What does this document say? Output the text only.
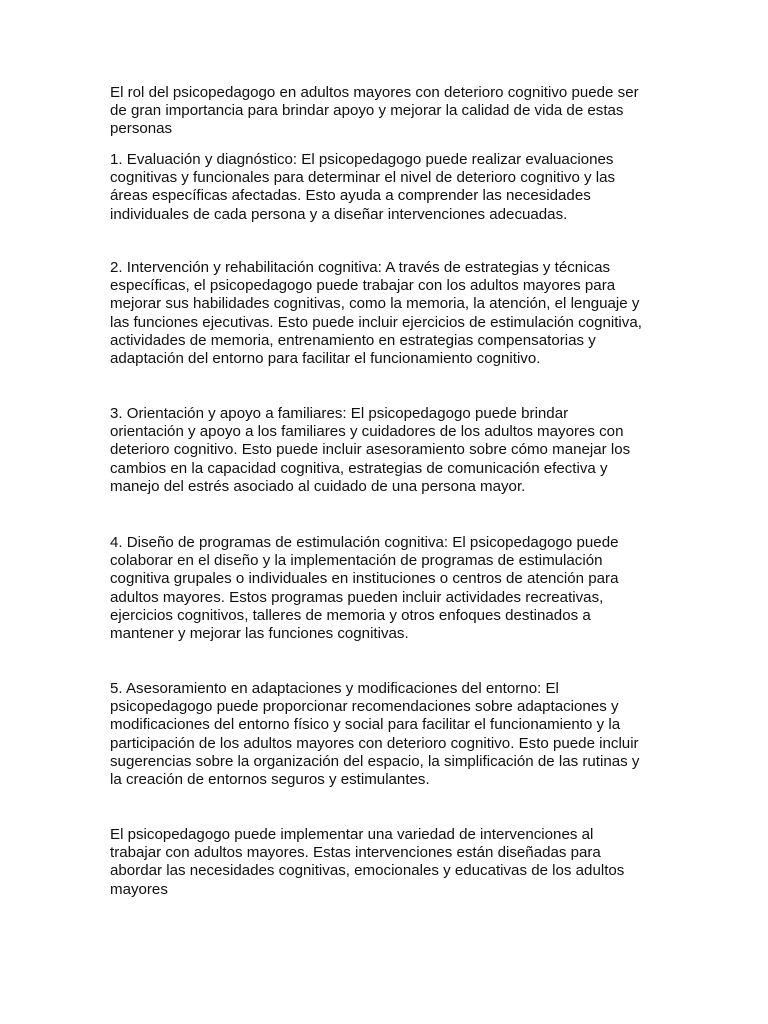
El rol del psicopedagogo en adultos mayores con deterioro cognitivo puede ser
de gran importancia para brindar apoyo y mejorar la calidad de vida de estas
personas
1. Evaluación y diagnóstico: El psicopedagogo puede realizar evaluaciones
cognitivas y funcionales para determinar el nivel de deterioro cognitivo y las
áreas específicas afectadas. Esto ayuda a comprender las necesidades
individuales de cada persona y a diseñar intervenciones adecuadas.
2. Intervención y rehabilitación cognitiva: A través de estrategias y técnicas
específicas, el psicopedagogo puede trabajar con los adultos mayores para
mejorar sus habilidades cognitivas, como la memoria, la atención, el lenguaje y
las funciones ejecutivas. Esto puede incluir ejercicios de estimulación cognitiva,
actividades de memoria, entrenamiento en estrategias compensatorias y
adaptación del entorno para facilitar el funcionamiento cognitivo.
3. Orientación y apoyo a familiares: El psicopedagogo puede brindar
orientación y apoyo a los familiares y cuidadores de los adultos mayores con
deterioro cognitivo. Esto puede incluir asesoramiento sobre cómo manejar los
cambios en la capacidad cognitiva, estrategias de comunicación efectiva y
manejo del estrés asociado al cuidado de una persona mayor.
4. Diseño de programas de estimulación cognitiva: El psicopedagogo puede
colaborar en el diseño y la implementación de programas de estimulación
cognitiva grupales o individuales en instituciones o centros de atención para
adultos mayores. Estos programas pueden incluir actividades recreativas,
ejercicios cognitivos, talleres de memoria y otros enfoques destinados a
mantener y mejorar las funciones cognitivas.
5. Asesoramiento en adaptaciones y modificaciones del entorno: El
psicopedagogo puede proporcionar recomendaciones sobre adaptaciones y
modificaciones del entorno físico y social para facilitar el funcionamiento y la
participación de los adultos mayores con deterioro cognitivo. Esto puede incluir
sugerencias sobre la organización del espacio, la simplificación de las rutinas y
la creación de entornos seguros y estimulantes.
El psicopedagogo puede implementar una variedad de intervenciones al
trabajar con adultos mayores. Estas intervenciones están diseñadas para
abordar las necesidades cognitivas, emocionales y educativas de los adultos
mayores
